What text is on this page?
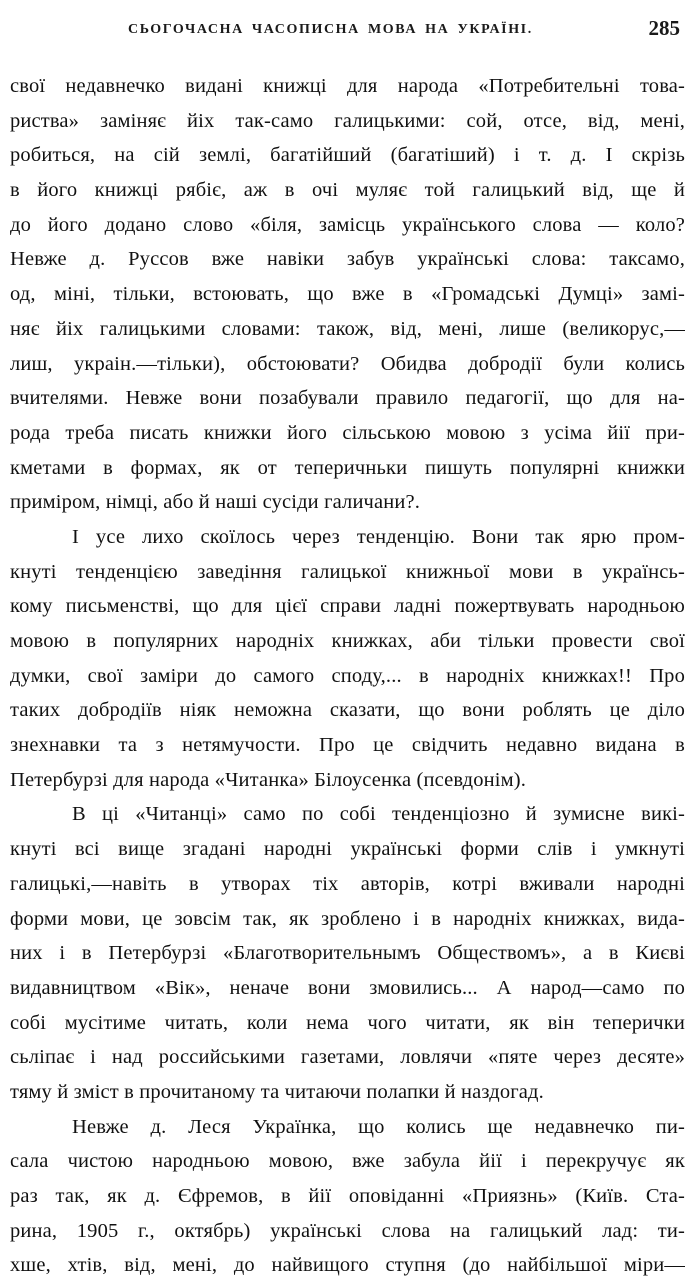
СЬОГОЧАСНА ЧАСОПИСНА МОВА НА УКРАЇНІ.	285
свої недавнечко видані книжці для народа «Потребительні това-
риства» заміняє йіх так-само галицькими: сой, отсе, від, мені,
робиться, на сій землі, багатійший (багатіший) і т. д. І скрізь
в його книжці рябіє, аж в очі муляє той галицький від, ще й
до його додано слово «біля, замісць українського слова — коло?
Невже д. Руссов вже навіки забув українські слова: таксамо,
од, міні, тільки, встоювать, що вже в «Громадські Думці» замі-
няє йіх галицькими словами: також, від, мені, лише (великорус,—
лиш, украін.—тільки), обстоювати? Обидва добродії були колись
вчителями. Невже вони позабували правило педагогії, що для на-
рода треба писать книжки його сільською мовою з усіма йії при-
кметами в формах, як от теперичньки пишуть популярні книжки
приміром, німці, або й наші сусіди галичани?.
І усе лихо скоїлось через тенденцію. Вони так ярю пром-
кнуті тенденцією заведіння галицької книжньої мови в українсь-
кому письменстві, що для цієї справи ладні пожертвувать народньою
мовою в популярних народніх книжках, аби тільки провести свої
думки, свої заміри до самого споду,... в народніх книжках!! Про
таких добродіїв ніяк неможна сказати, що вони роблять це діло
знехнавки та з нетямучости. Про це свідчить недавно видана в
Петербурзі для народа «Читанка» Білоусенка (псевдонім).
В ці «Читанці» само по собі тенденціозно й зумисне викі-
кнуті всі вище згадані народні українські форми слів і умкнуті
галицькі,—навіть в утворах тіх авторів, котрі вживали народні
форми мови, це зовсім так, як зроблено і в народніх книжках, вида-
них і в Петербурзі «Благотворительнымъ Обществомъ», а в Києві
видавництвом «Вік», неначе вони змовились... А народ—само по
собі мусітиме читать, коли нема чого читати, як він теперички
сьліпає і над российськими газетами, ловлячи «пяте через десяте»
тяму й зміст в прочитаному та читаючи полапки й наздогад.
Невже д. Леся Українка, що колись ще недавнечко пи-
сала чистою народньою мовою, вже забула йії і перекручує як
раз так, як д. Єфремов, в йії оповіданні «Приязнь» (Київ. Ста-
рина, 1905 г., октябрь) українські слова на галицький лад: ти-
хше, хтів, від, мені, до найвищого ступня (до найбільшої міри—
